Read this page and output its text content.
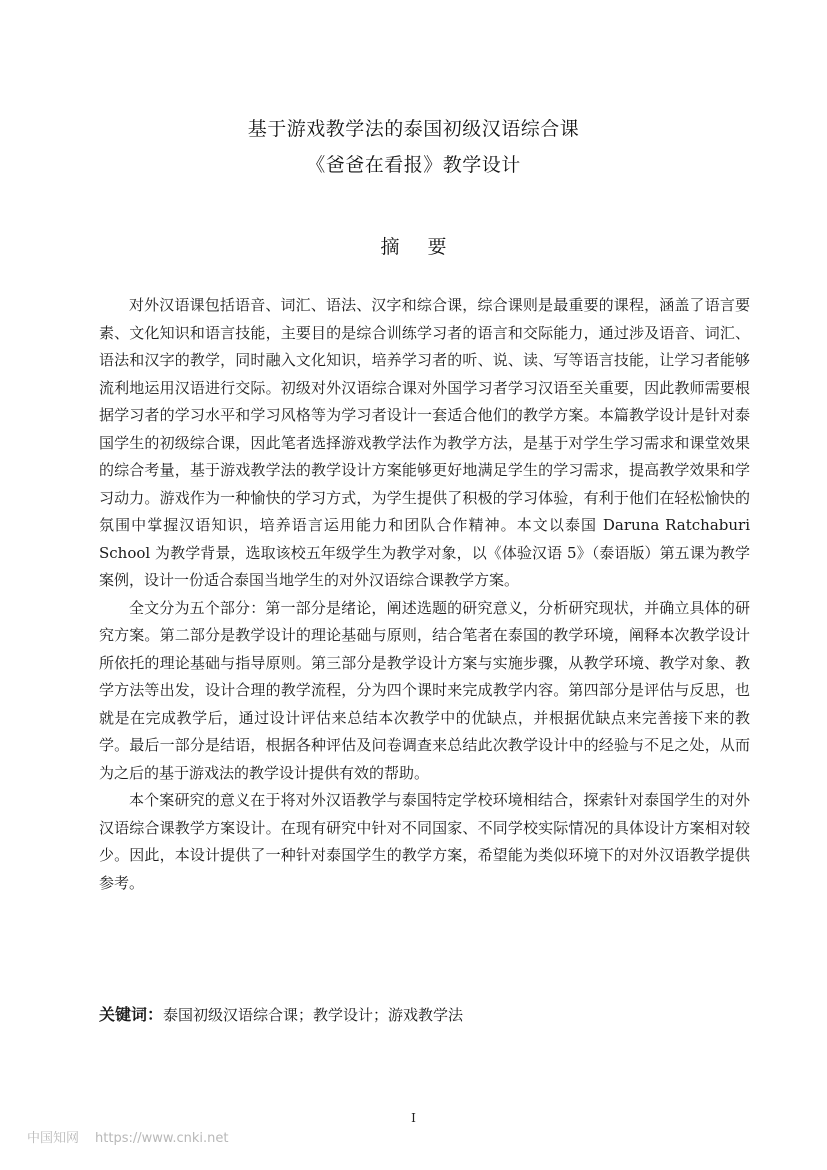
基于游戏教学法的泰国初级汉语综合课
《爸爸在看报》教学设计
摘要

对外汉语课包括语音、词汇、语法、汉字和综合课，综合课则是最重要的课程，涵盖了语言要素、文化知识和语言技能，主要目的是综合训练学习者的语言和交际能力，通过涉及语音、词汇、语法和汉字的教学，同时融入文化知识，培养学习者的听、说、读、写等语言技能，让学习者能够流利地运用汉语进行交际。初级对外汉语综合课对外国学习者学习汉语至关重要，因此教师需要根据学习者的学习水平和学习风格等为学习者设计一套适合他们的教学方案。本篇教学设计是针对泰国学生的初级综合课，因此笔者选择游戏教学法作为教学方法，是基于对学生学习需求和课堂效果的综合考量，基于游戏教学法的教学设计方案能够更好地满足学生的学习需求，提高教学效果和学习动力。游戏作为一种愉快的学习方式，为学生提供了积极的学习体验，有利于他们在轻松愉快的氛围中掌握汉语知识，培养语言运用能力和团队合作精神。本文以泰国 Daruna Ratchaburi School 为教学背景，选取该校五年级学生为教学对象，以《体验汉语 5》（泰语版）第五课为教学案例，设计一份适合泰国当地学生的对外汉语综合课教学方案。

全文分为五个部分：第一部分是绪论，阐述选题的研究意义，分析研究现状，并确立具体的研究方案。第二部分是教学设计的理论基础与原则，结合笔者在泰国的教学环境，阐释本次教学设计所依托的理论基础与指导原则。第三部分是教学设计方案与实施步骤，从教学环境、教学对象、教学方法等出发，设计合理的教学流程，分为四个课时来完成教学内容。第四部分是评估与反思，也就是在完成教学后，通过设计评估来总结本次教学中的优缺点，并根据优缺点来完善接下来的教学。最后一部分是结语，根据各种评估及问卷调查来总结此次教学设计中的经验与不足之处，从而为之后的基于游戏法的教学设计提供有效的帮助。

本个案研究的意义在于将对外汉语教学与泰国特定学校环境相结合，探索针对泰国学生的对外汉语综合课教学方案设计。在现有研究中针对不同国家、不同学校实际情况的具体设计方案相对较少。因此，本设计提供了一种针对泰国学生的教学方案，希望能为类似环境下的对外汉语教学提供参考。

关键词：泰国初级汉语综合课；教学设计；游戏教学法
I
中国知网 https://www.cnki.net
